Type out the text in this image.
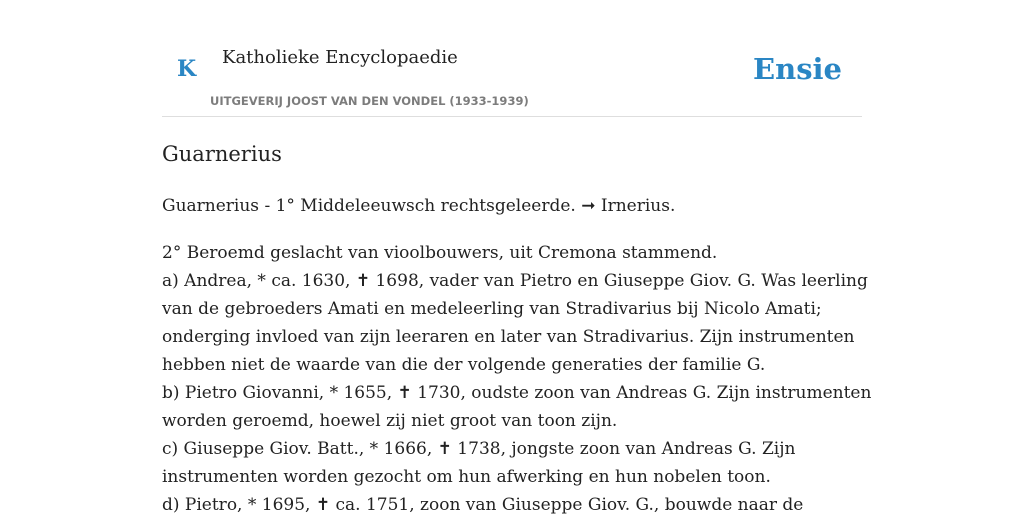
K Katholieke Encyclopaedie
UITGEVERIJ JOOST VAN DEN VONDEL (1933-1939)
Ensie
Guarnerius

Guarnerius - 1° Middeleeuwsch rechtsgeleerde. ➞ Irnerius.

2° Beroemd geslacht van vioolbouwers, uit Cremona stammend.
a) Andrea, * ca. 1630, ✝ 1698, vader van Pietro en Giuseppe Giov. G. Was leerling
van de gebroeders Amati en medeleerling van Stradivarius bij Nicolo Amati;
onderging invloed van zijn leeraren en later van Stradivarius. Zijn instrumenten
hebben niet de waarde van die der volgende generaties der familie G.
b) Pietro Giovanni, * 1655, ✝ 1730, oudste zoon van Andreas G. Zijn instrumenten
worden geroemd, hoewel zij niet groot van toon zijn.
c) Giuseppe Giov. Batt., * 1666, ✝ 1738, jongste zoon van Andreas G. Zijn
instrumenten worden gezocht om hun afwerking en hun nobelen toon.
d) Pietro, * 1695, ✝ ca. 1751, zoon van Giuseppe Giov. G., bouwde naar de
